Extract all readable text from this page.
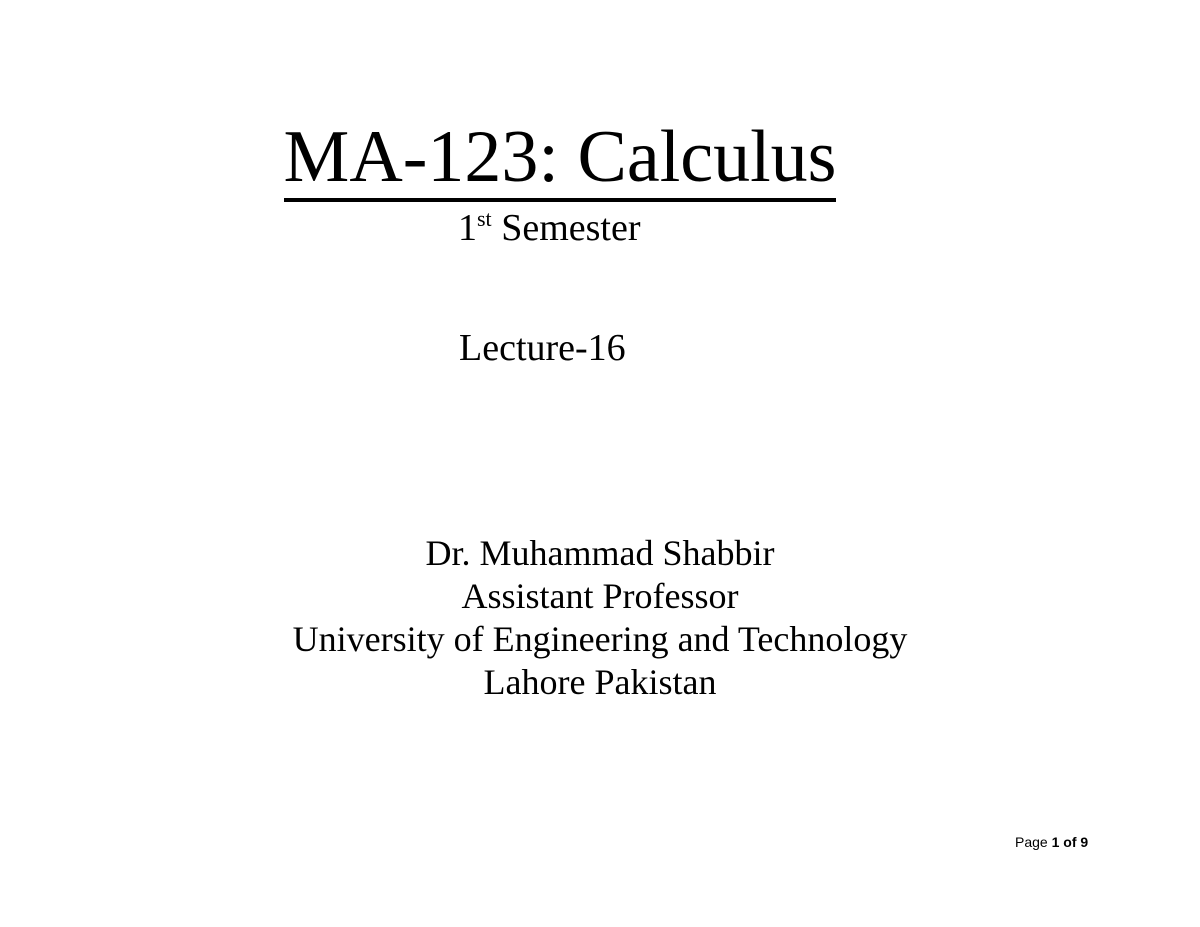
MA-123: Calculus
1st Semester
Lecture-16
Dr. Muhammad Shabbir
Assistant Professor
University of Engineering and Technology
Lahore Pakistan
Page 1 of 9
